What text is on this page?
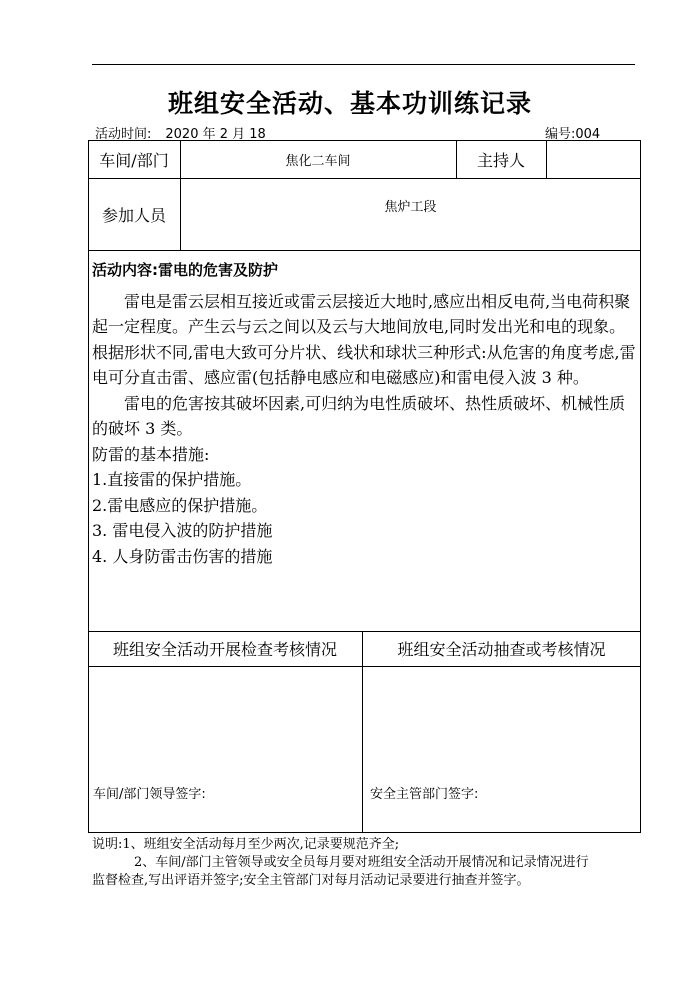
班组安全活动、基本功训练记录
活动时间: 2020 年 2 月 18	编号:004
车间/部门	焦化二车间	主持人
参加人员	焦炉工段
活动内容:雷电的危害及防护
雷电是雷云层相互接近或雷云层接近大地时,感应出相反电荷,当电荷积聚起一定程度。产生云与云之间以及云与大地间放电,同时发出光和电的现象。根据形状不同,雷电大致可分片状、线状和球状三种形式:从危害的角度考虑,雷电可分直击雷、感应雷(包括静电感应和电磁感应)和雷电侵入波 3 种。
雷电的危害按其破坏因素,可归纳为电性质破坏、热性质破坏、机械性质的破坏 3 类。
防雷的基本措施:
1.直接雷的保护措施。
2.雷电感应的保护措施。
3. 雷电侵入波的防护措施
4. 人身防雷击伤害的措施
班组安全活动开展检查考核情况	班组安全活动抽查或考核情况
车间/部门领导签字:	安全主管部门签字:
说明:1、班组安全活动每月至少两次,记录要规范齐全;
2、车间/部门主管领导或安全员每月要对班组安全活动开展情况和记录情况进行
监督检查,写出评语并签字;安全主管部门对每月活动记录要进行抽查并签字。
